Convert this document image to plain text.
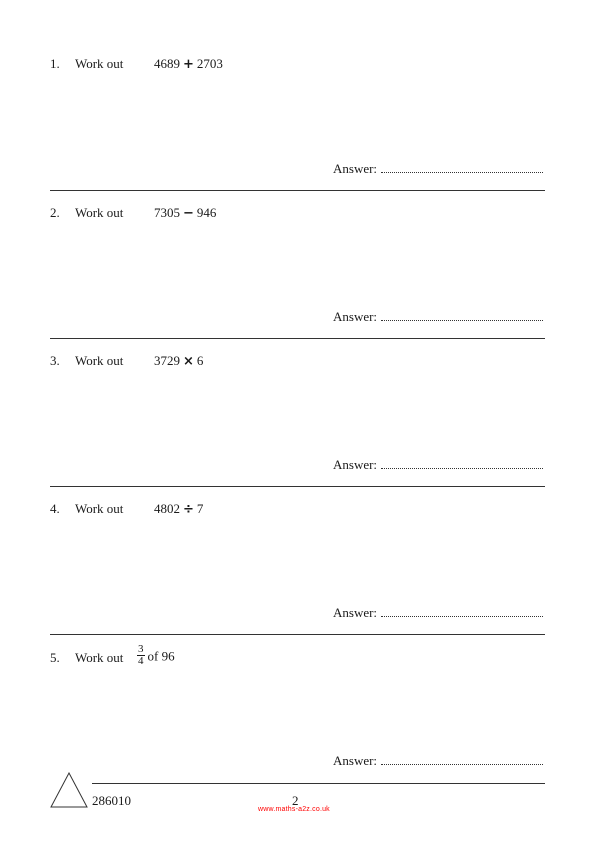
1. Work out 4689 + 2703
Answer:
2. Work out 7305 − 946
Answer:
3. Work out 3729 × 6
Answer:
4. Work out 4802 ÷ 7
Answer:
5. Work out $\frac{3}{4}$ of 96
Answer:
286010	2
www.maths-a2z.co.uk
